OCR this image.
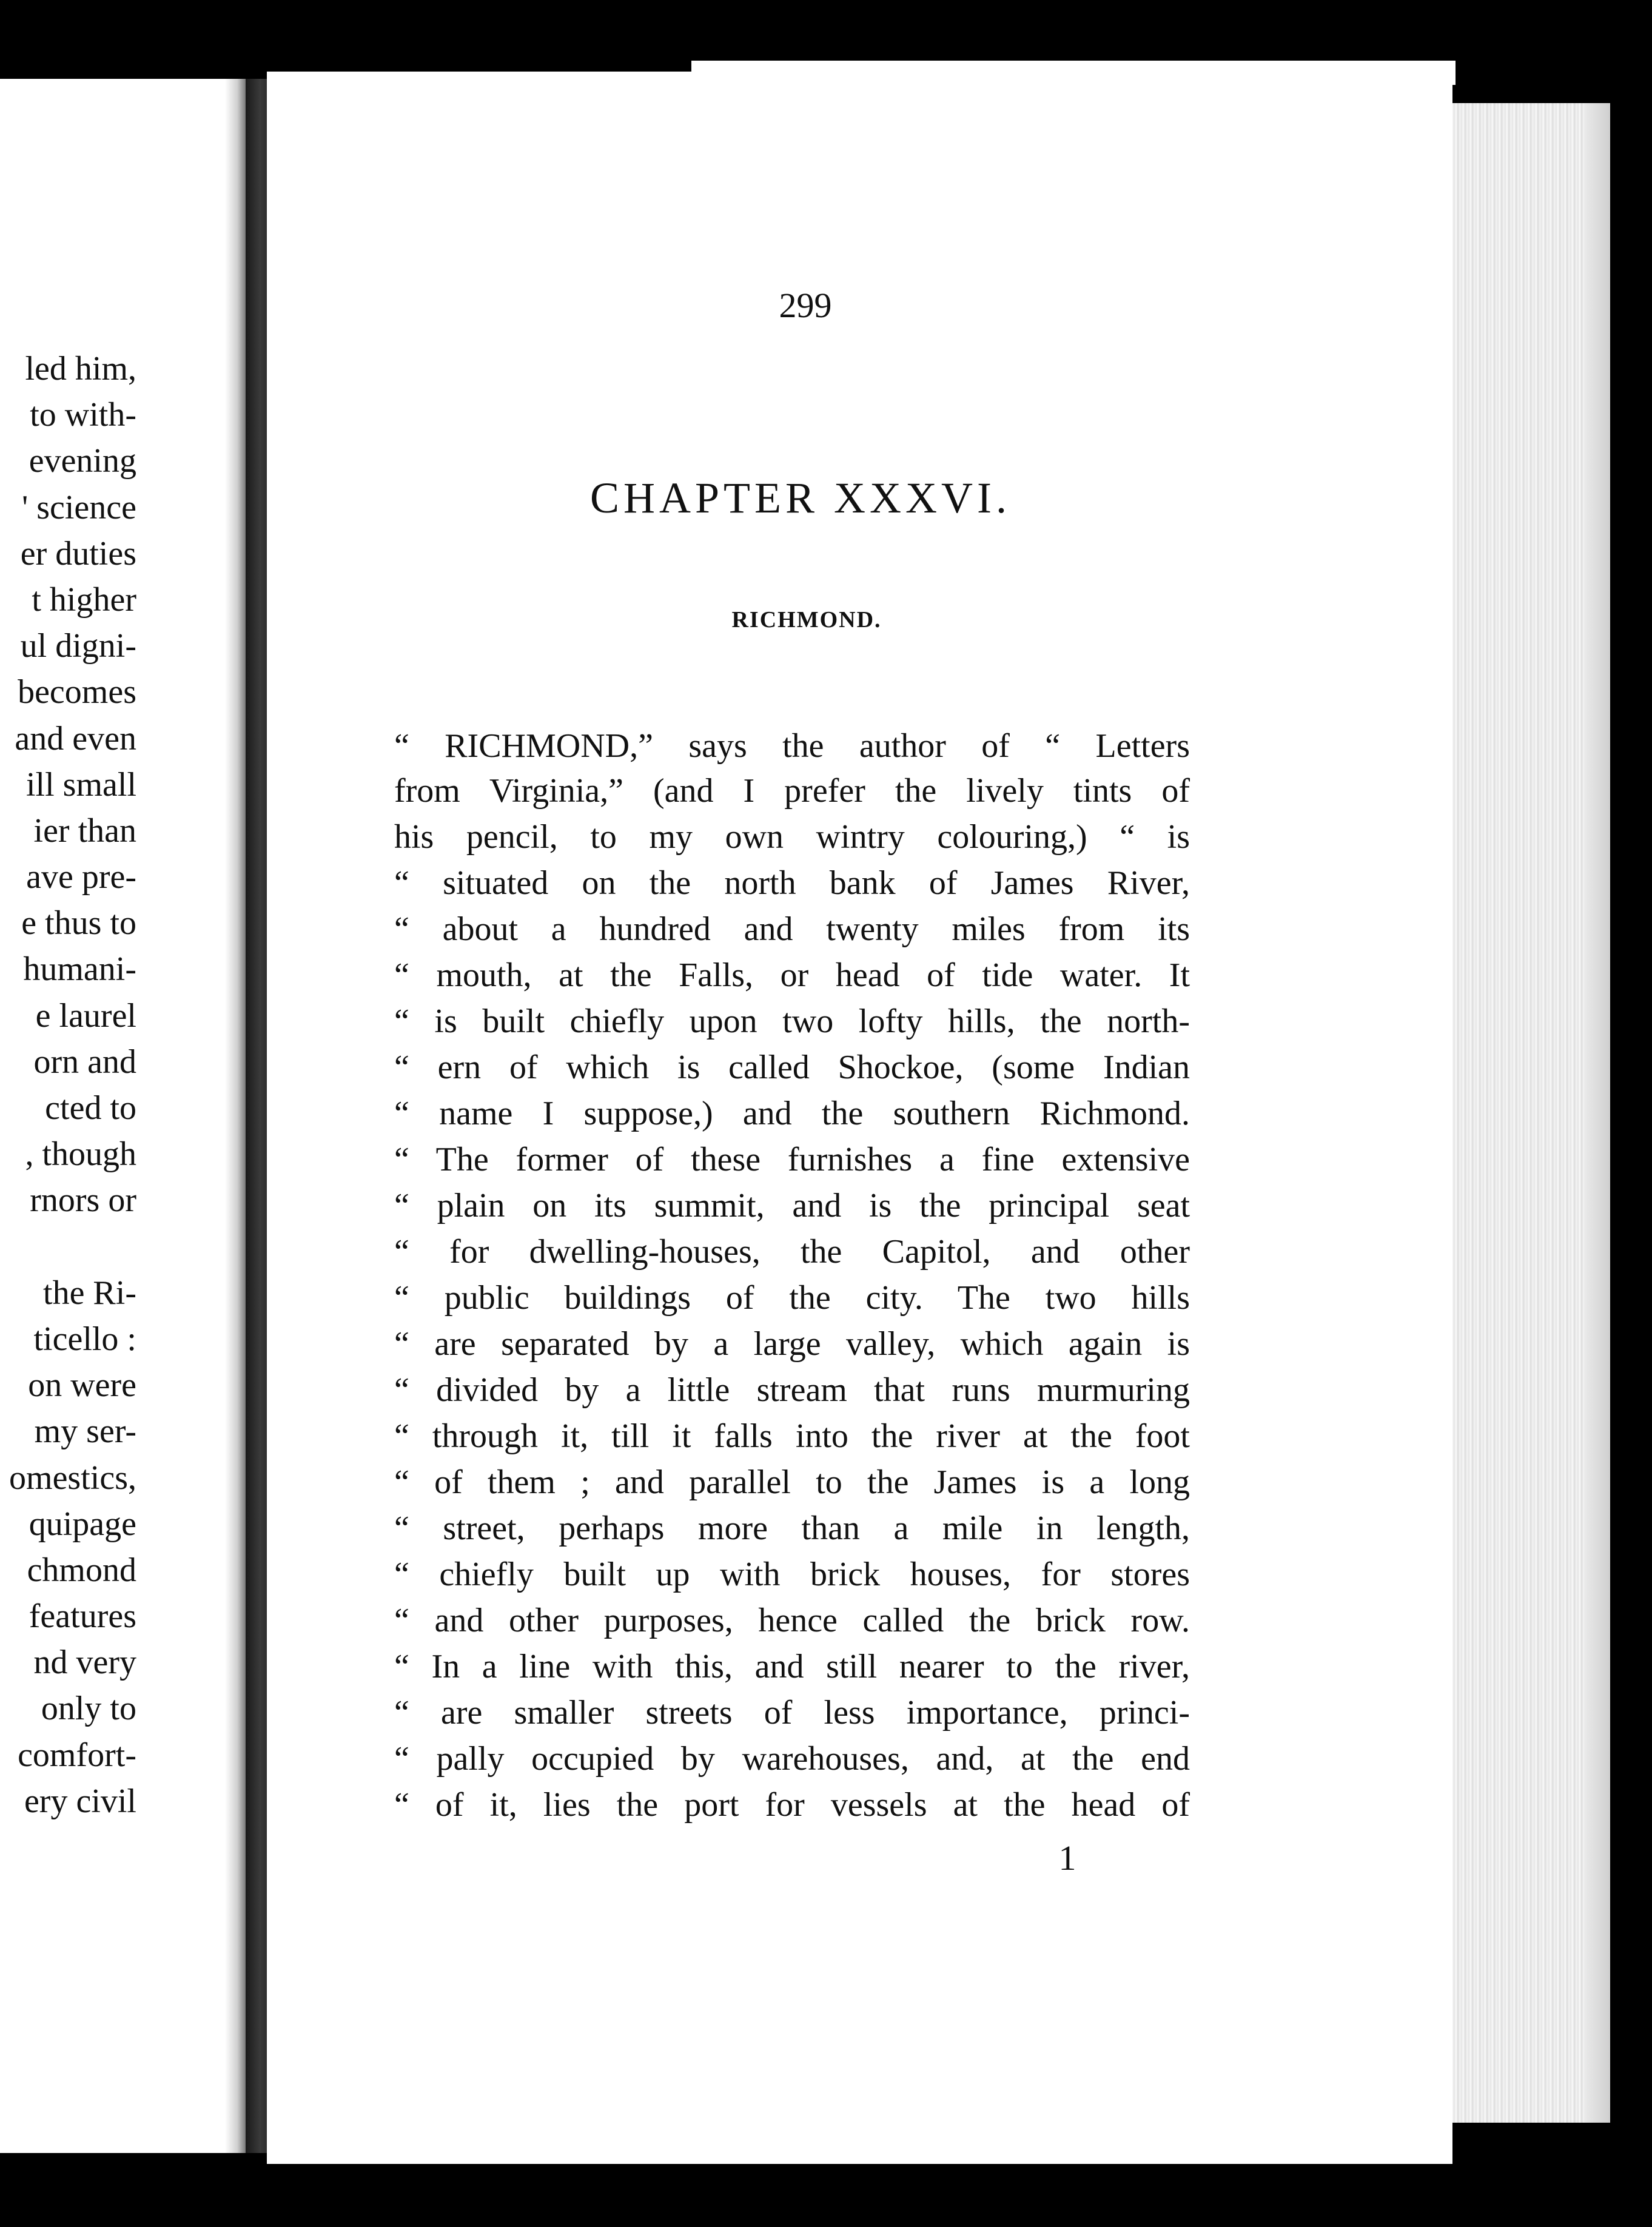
led him,
to with-
evening
' science
er duties
t higher
ul digni-
becomes
and even
ill small
ier than
ave pre-
e thus to
humani-
e laurel
orn and
cted to
, though
rnors or
the Ri-
ticello :
on were
my ser-
omestics,
quipage
chmond
features
nd very
only to
comfort-
ery civil
299
CHAPTER XXXVI.
RICHMOND.
“ RICHMOND,” says the author of “ Letters
from Virginia,” (and I prefer the lively tints of
his pencil, to my own wintry colouring,) “ is
“ situated on the north bank of James River,
“ about a hundred and twenty miles from its
“ mouth, at the Falls, or head of tide water. It
“ is built chiefly upon two lofty hills, the north-
“ ern of which is called Shockoe, (some Indian
“ name I suppose,) and the southern Richmond.
“ The former of these furnishes a fine extensive
“ plain on its summit, and is the principal seat
“ for dwelling-houses, the Capitol, and other
“ public buildings of the city. The two hills
“ are separated by a large valley, which again is
“ divided by a little stream that runs murmuring
“ through it, till it falls into the river at the foot
“ of them ; and parallel to the James is a long
“ street, perhaps more than a mile in length,
“ chiefly built up with brick houses, for stores
“ and other purposes, hence called the brick row.
“ In a line with this, and still nearer to the river,
“ are smaller streets of less importance, princi-
“ pally occupied by warehouses, and, at the end
“ of it, lies the port for vessels at the head of
1
